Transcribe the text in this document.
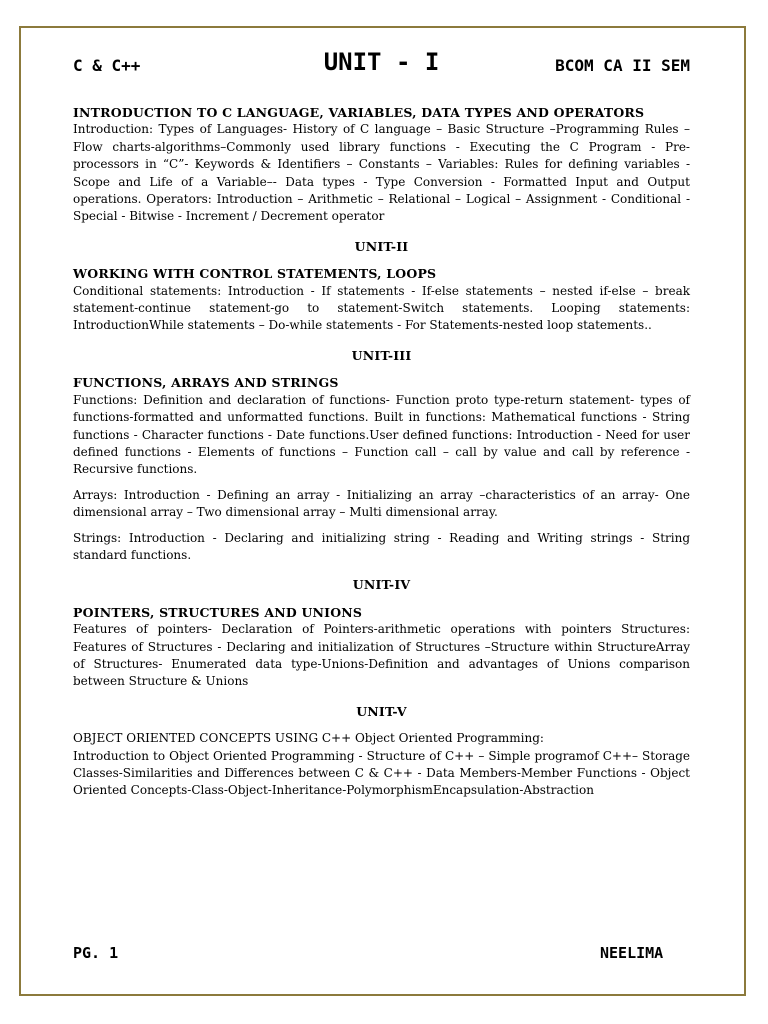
C & C++	UNIT - I	BCOM CA II SEM

INTRODUCTION TO C LANGUAGE, VARIABLES, DATA TYPES AND OPERATORS

Introduction: Types of Languages- History of C language – Basic Structure –Programming Rules – Flow charts-algorithms–Commonly used library functions - Executing the C Program - Pre-processors in “C”- Keywords & Identifiers – Constants – Variables: Rules for defining variables - Scope and Life of a Variable–- Data types - Type Conversion - Formatted Input and Output operations. Operators: Introduction – Arithmetic – Relational – Logical – Assignment - Conditional - Special - Bitwise - Increment / Decrement operator

UNIT-II

WORKING WITH CONTROL STATEMENTS, LOOPS

Conditional statements: Introduction - If statements - If-else statements – nested if-else – break statement-continue statement-go to statement-Switch statements. Looping statements: IntroductionWhile statements – Do-while statements - For Statements-nested loop statements..

UNIT-III

FUNCTIONS, ARRAYS AND STRINGS

Functions: Definition and declaration of functions- Function proto type-return statement- types of functions-formatted and unformatted functions. Built in functions: Mathematical functions - String functions - Character functions - Date functions.User defined functions: Introduction - Need for user defined functions - Elements of functions – Function call – call by value and call by reference - Recursive functions.

Arrays: Introduction - Defining an array - Initializing an array –characteristics of an array- One dimensional array – Two dimensional array – Multi dimensional array.

Strings: Introduction - Declaring and initializing string - Reading and Writing strings - String standard functions.

UNIT-IV

POINTERS, STRUCTURES AND UNIONS

Features of pointers- Declaration of Pointers-arithmetic operations with pointers Structures: Features of Structures - Declaring and initialization of Structures –Structure within StructureArray of Structures- Enumerated data type-Unions-Definition and advantages of Unions comparison between Structure & Unions

UNIT-V

OBJECT ORIENTED CONCEPTS USING C++ Object Oriented Programming:

Introduction to Object Oriented Programming - Structure of C++ – Simple programof C++– Storage Classes-Similarities and Differences between C & C++ - Data Members-Member Functions - Object Oriented Concepts-Class-Object-Inheritance-PolymorphismEncapsulation-Abstraction

PG. 1	NEELIMA
